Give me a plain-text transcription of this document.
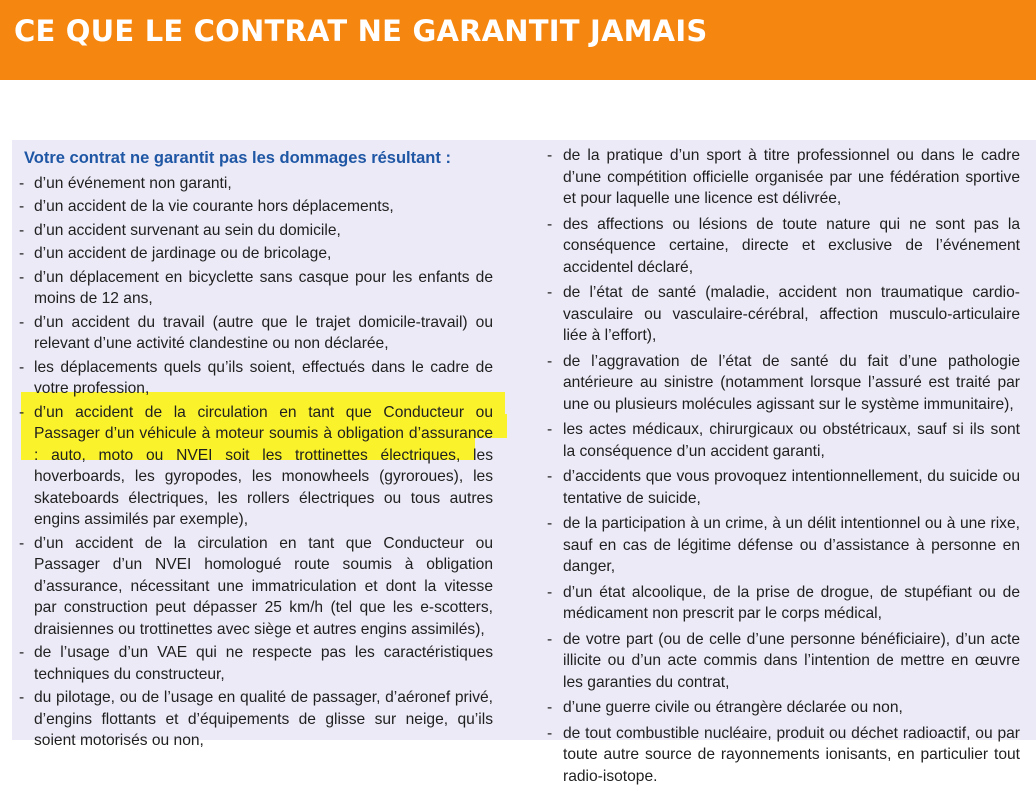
CE QUE LE CONTRAT NE GARANTIT JAMAIS
Votre contrat ne garantit pas les dommages résultant :
- d’un événement non garanti,
- d’un accident de la vie courante hors déplacements,
- d’un accident survenant au sein du domicile,
- d’un accident de jardinage ou de bricolage,
- d’un déplacement en bicyclette sans casque pour les enfants de moins de 12 ans,
- d’un accident du travail (autre que le trajet domicile-travail) ou relevant d’une activité clandestine ou non déclarée,
- les déplacements quels qu’ils soient, effectués dans le cadre de votre profession,
- d’un accident de la circulation en tant que Conducteur ou Passager d’un véhicule à moteur soumis à obligation d’assurance : auto, moto ou NVEI soit les trottinettes électriques, les hoverboards, les gyropodes, les monowheels (gyroroues), les skateboards électriques, les rollers électriques ou tous autres engins assimilés par exemple),
- d’un accident de la circulation en tant que Conducteur ou Passager d’un NVEI homologué route soumis à obligation d’assurance, nécessitant une immatriculation et dont la vitesse par construction peut dépasser 25 km/h (tel que les e-scotters, draisiennes ou trottinettes avec siège et autres engins assimilés),
- de l’usage d’un VAE qui ne respecte pas les caractéristiques techniques du constructeur,
- du pilotage, ou de l’usage en qualité de passager, d’aéronef privé, d’engins flottants et d’équipements de glisse sur neige, qu’ils soient motorisés ou non,
- de la pratique d’un sport à titre professionnel ou dans le cadre d’une compétition officielle organisée par une fédération sportive et pour laquelle une licence est délivrée,
- des affections ou lésions de toute nature qui ne sont pas la conséquence certaine, directe et exclusive de l’événement accidentel déclaré,
- de l’état de santé (maladie, accident non traumatique cardio-vasculaire ou vasculaire-cérébral, affection musculo-articulaire liée à l’effort),
- de l’aggravation de l’état de santé du fait d’une pathologie antérieure au sinistre (notamment lorsque l’assuré est traité par une ou plusieurs molécules agissant sur le système immunitaire),
- les actes médicaux, chirurgicaux ou obstétricaux, sauf si ils sont la conséquence d’un accident garanti,
- d’accidents que vous provoquez intentionnellement, du suicide ou tentative de suicide,
- de la participation à un crime, à un délit intentionnel ou à une rixe, sauf en cas de légitime défense ou d’assistance à personne en danger,
- d’un état alcoolique, de la prise de drogue, de stupéfiant ou de médicament non prescrit par le corps médical,
- de votre part (ou de celle d’une personne bénéficiaire), d’un acte illicite ou d’un acte commis dans l’intention de mettre en œuvre les garanties du contrat,
- d’une guerre civile ou étrangère déclarée ou non,
- de tout combustible nucléaire, produit ou déchet radioactif, ou par toute autre source de rayonnements ionisants, en particulier tout radio-isotope.
